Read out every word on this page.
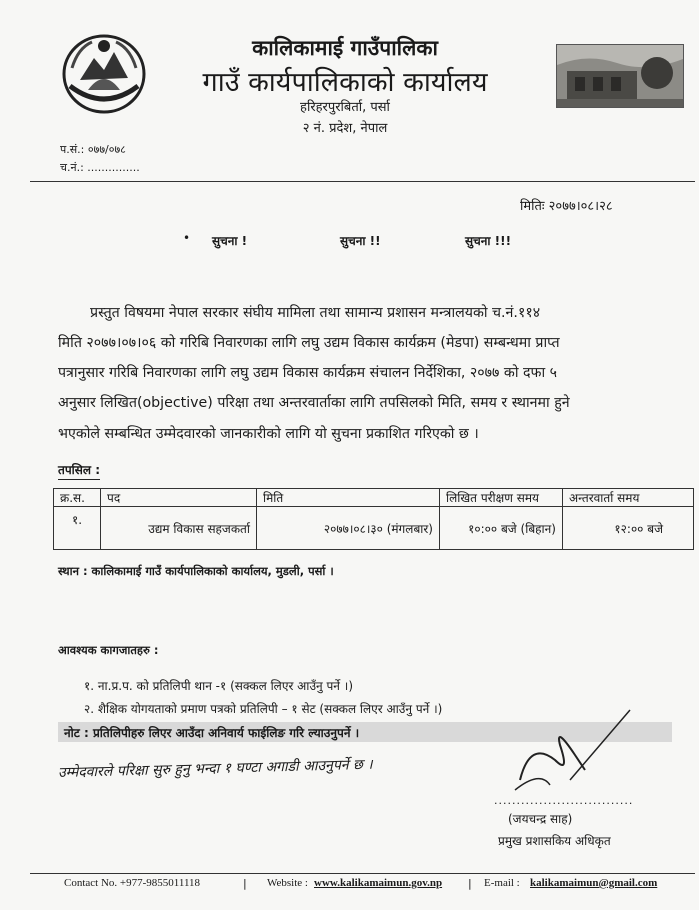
कालिकामाई गाउँपालिका
गाउँ कार्यपालिकाको कार्यालय
हरिहरपुरबिर्ता, पर्सा
२ नं. प्रदेश, नेपाल
प.सं.: ०७७/०७८
च.नं.: ...............
मितिः २०७७।०८।२८
• सुचना !	सुचना !!	सुचना !!!
प्रस्तुत विषयमा नेपाल सरकार संघीय मामिला तथा सामान्य प्रशासन मन्त्रालयको च.नं.११४
मिति २०७७।०७।०६ को गरिबि निवारणका लागि लघु उद्यम विकास कार्यक्रम (मेडपा) सम्बन्धमा प्राप्त
पत्रानुसार गरिबि निवारणका लागि लघु उद्यम विकास कार्यक्रम संचालन निर्देशिका, २०७७ को दफा ५
अनुसार लिखित(objective) परिक्षा तथा अन्तरवार्ताका लागि तपसिलको मिति, समय र स्थानमा हुने
भएकोले सम्बन्धित उम्मेदवारको जानकारीको लागि यो सुचना प्रकाशित गरिएको छ ।
तपसिल :
क्र.स.	पद	मिति	लिखित परीक्षण समय	अन्तरवार्ता समय
१.	उद्यम विकास सहजकर्ता	२०७७।०८।३० (मंगलबार)	१०:०० बजे (बिहान)	१२:०० बजे
स्थान : कालिकामाई गाउँ कार्यपालिकाको कार्यालय, मुडली, पर्सा ।
आवश्यक कागजातहरु :
१. ना.प्र.प. को प्रतिलिपी थान -१ (सक्कल लिएर आउँनु पर्ने ।)
२. शैक्षिक योगयताको प्रमाण पत्रको प्रतिलिपी – १ सेट (सक्कल लिएर आउँनु पर्ने ।)
नोट : प्रतिलिपीहरु लिएर आउँदा अनिवार्य फाईलिङ गरि ल्याउनुपर्ने ।
उम्मेदवारले परिक्षा सुरु हुनु भन्दा १ घण्टा अगाडी आउनुपर्ने छ ।
...............................
(जयचन्द्र साह)
प्रमुख प्रशासकिय अधिकृत
Contact No. +977-9855011118	| Website : www.kalikamaimun.gov.np | E-mail : kalikamaimun@gmail.com
